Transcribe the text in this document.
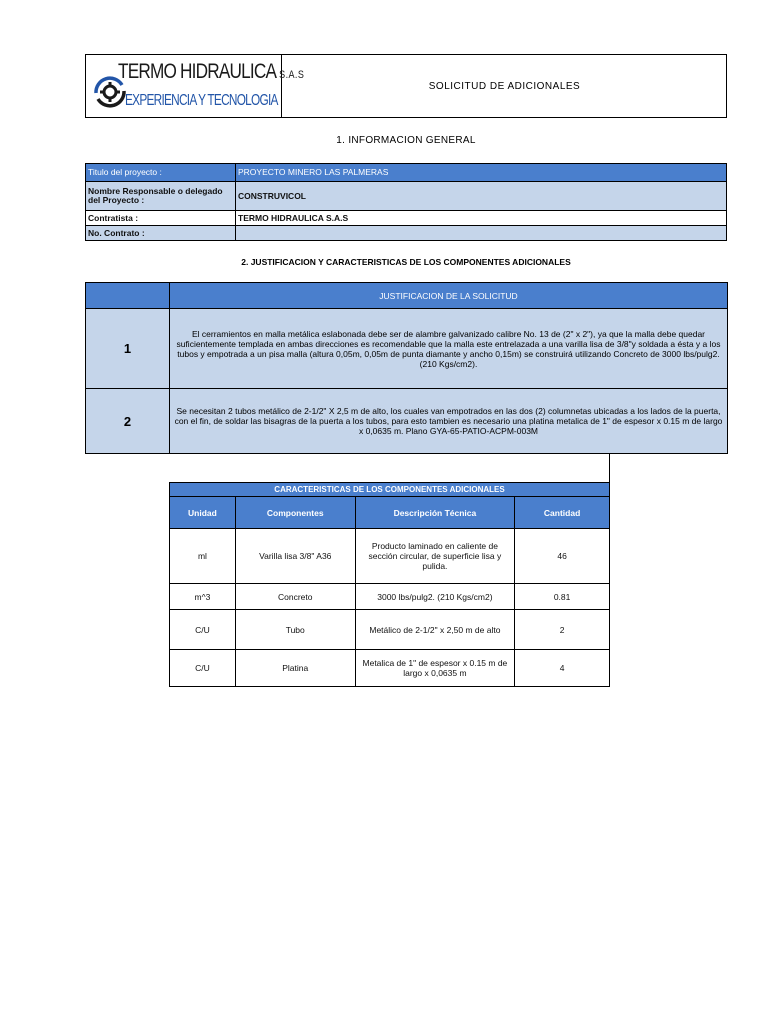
TERMO HIDRAULICA S.A.S
EXPERIENCIA Y TECNOLOGIA
SOLICITUD DE ADICIONALES
1. INFORMACION GENERAL
Titulo del proyecto :	PROYECTO MINERO LAS PALMERAS
Nombre Responsable o delegado del Proyecto :	CONSTRUVICOL
Contratista :	TERMO HIDRAULICA S.A.S
No. Contrato :
2. JUSTIFICACION Y CARACTERISTICAS DE LOS COMPONENTES ADICIONALES
JUSTIFICACION DE LA SOLICITUD
1
El cerramientos en malla metálica eslabonada debe ser de alambre galvanizado calibre No. 13 de (2" x 2"), ya que la malla debe quedar suficientemente templada en ambas direcciones es recomendable que la malla este entrelazada a una varilla lisa de 3/8"y soldada a ésta y a los tubos y empotrada a un pisa malla (altura 0,05m, 0,05m de punta diamante y ancho 0,15m) se construirá utilizando Concreto de 3000 lbs/pulg2. (210 Kgs/cm2).
2
Se necesitan 2 tubos metálico de 2-1/2" X 2,5 m de alto, los cuales van empotrados en las dos (2) columnetas ubicadas a los lados de la puerta, con el fin, de soldar las bisagras de la puerta a los tubos, para esto tambien es necesario una platina metalica de 1" de espesor x 0.15 m de largo x 0,0635 m. Plano GYA-65-PATIO-ACPM-003M
CARACTERISTICAS DE LOS COMPONENTES ADICIONALES			
Unidad	Componentes	Descripción Técnica	Cantidad
ml	Varilla lisa 3/8" A36	Producto laminado en caliente de sección circular, de superficie lisa y pulida.	46
m^3	Concreto	3000 lbs/pulg2. (210 Kgs/cm2)	0.81
C/U	Tubo	Metálico de 2-1/2" x 2,50 m de alto	2
C/U	Platina	Metalica de 1" de espesor x 0.15 m de largo x 0,0635 m	4
